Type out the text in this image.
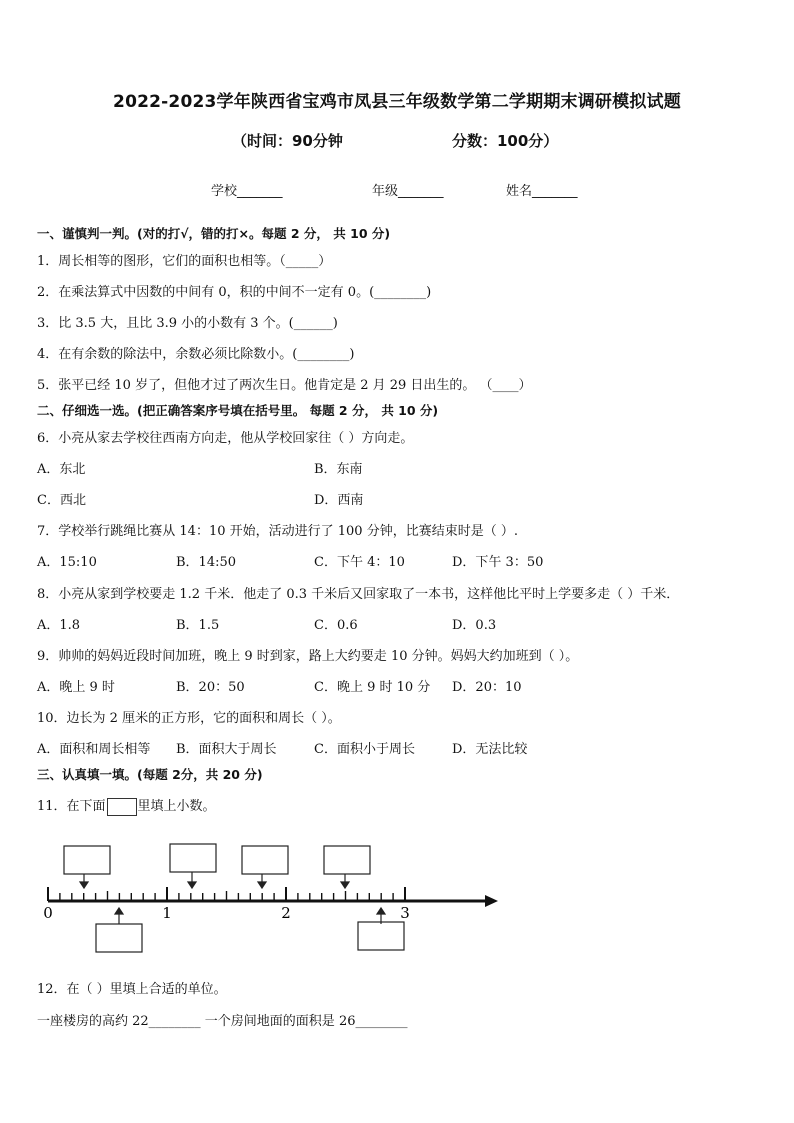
2022-2023学年陕西省宝鸡市凤县三年级数学第二学期期末调研模拟试题
（时间：90分钟	分数：100分）
学校_______	年级_______	姓名_______
一、谨慎判一判。(对的打√，错的打×。每题 2 分， 共 10 分)
1．周长相等的图形，它们的面积也相等。（_____）
2．在乘法算式中因数的中间有 0，积的中间不一定有 0。(________)
3．比 3.5 大，且比 3.9 小的小数有 3 个。(______)
4．在有余数的除法中，余数必须比除数小。(________)
5．张平已经 10 岁了，但他才过了两次生日。他肯定是 2 月 29 日出生的。 （____）
二、仔细选一选。(把正确答案序号填在括号里。 每题 2 分， 共 10 分)
6．小亮从家去学校往西南方向走，他从学校回家往（ ）方向走。
A．东北	B．东南
C．西北	D．西南
7．学校举行跳绳比赛从 14：10 开始，活动进行了 100 分钟，比赛结束时是（ ）.
A．15:10	B．14:50	C．下午 4：10	D．下午 3：50
8．小亮从家到学校要走 1.2 千米．他走了 0.3 千米后又回家取了一本书，这样他比平时上学要多走（ ）千米．
A．1.8	B．1.5	C．0.6	D．0.3
9．帅帅的妈妈近段时间加班，晚上 9 时到家，路上大约要走 10 分钟。妈妈大约加班到（ ）。
A．晚上 9 时	B．20：50	C．晚上 9 时 10 分 D．20：10
10．边长为 2 厘米的正方形，它的面积和周长（ ）。
A．面积和周长相等 B．面积大于周长	C．面积小于周长	D．无法比较
三、认真填一填。(每题 2分，共 20 分)
11．在下面 里填上小数。
0	1	2	3
12．在（ ）里填上合适的单位。
一座楼房的高约 22________ 一个房间地面的面积是 26________
